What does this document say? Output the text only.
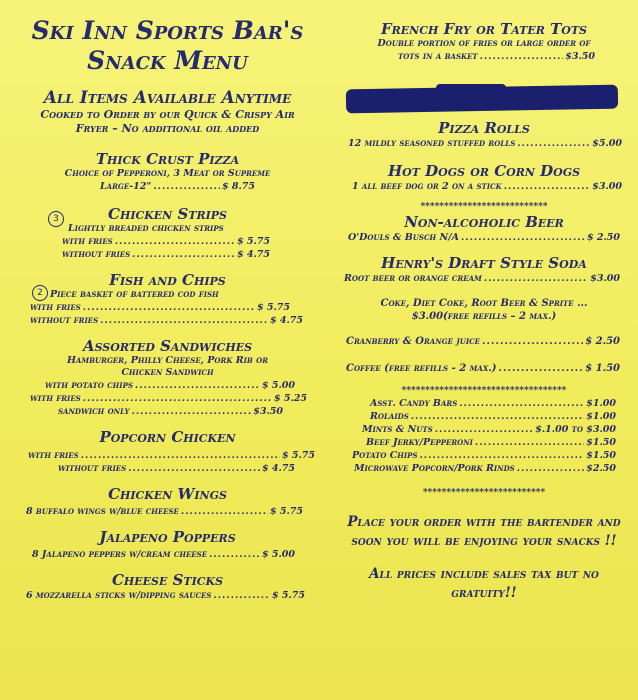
Ski Inn Sports Bar's

Snack Menu

All Items Available Anytime

Cooked to Order by our Quick & Crispy Air Fryer – No additional oil added

Thick Crust Pizza

Choice of Pepperoni, 3 Meat or Supreme

Large-12" .....	$ 8.75

Chicken Strips

3

Lightly breaded chicken strips

with fries .....	$ 5.75
without fries .....	$ 4.75

Fish and Chips

2 Piece basket of battered cod fish

with fries .....	$ 5.75
without fries .....	$ 4.75

Assorted Sandwiches

Hamburger, Philly Cheese, Pork Rib or Chicken Sandwich

with potato chips .....	$ 5.00
with fries .....	$ 5.25
sandwich only .....	$3.50

Popcorn Chicken

with fries .....	$ 5.75
without fries .....	$ 4.75

Chicken Wings

8 buffalo wings w/blue cheese .....	$ 5.75

Jalapeno Poppers

8 Jalapeno peppers w/cream cheese .....	$ 5.00

Cheese Sticks

6 mozzarella sticks w/dipping sauces .....	$ 5.75

French Fry or Tater Tots

Double portion of fries or large order of

tots in a basket .....	$3.50

Pizza Rolls

12 mildly seasoned stuffed rolls .....	$5.00

Hot Dogs or Corn Dogs

1 all beef dog or 2 on a stick .....	$3.00

***************************

Non-alcoholic Beer

O'Douls & Busch N/A .....	$ 2.50

Henry's Draft Style Soda

Root beer or orange cream .....	$3.00

Coke, Diet Coke, Root Beer & Sprite ...

$3.00(free refills – 2 max.)

Cranberry & Orange juice .....	$ 2.50
Coffee (free refills - 2 max.) .....	$ 1.50

***********************************

Asst. Candy Bars .....	$1.00
Rolaids .....	$1.00
Mints & Nuts .....	$.1.00 to $3.00
Beef Jerky/Pepperoni .....	$1.50
Potato Chips .....	$1.50
Microwave Popcorn/Pork Rinds .....	$2.50

**************************

Place your order with the bartender and soon you will be enjoying your snacks !!

All prices include sales tax but no gratuity!!
